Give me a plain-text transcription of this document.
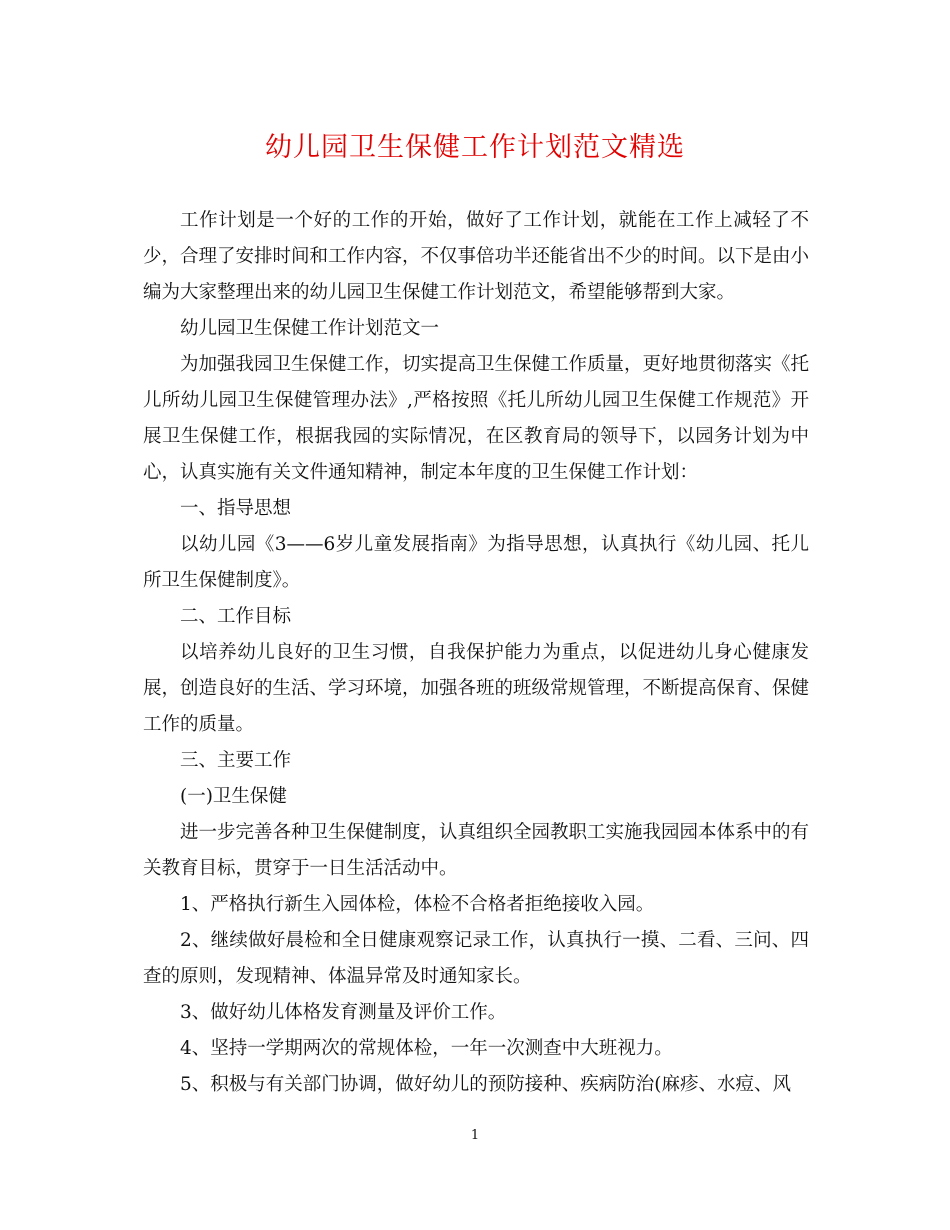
幼儿园卫生保健工作计划范文精选

工作计划是一个好的工作的开始，做好了工作计划，就能在工作上减轻了不少，合理了安排时间和工作内容，不仅事倍功半还能省出不少的时间。以下是由小编为大家整理出来的幼儿园卫生保健工作计划范文，希望能够帮到大家。

幼儿园卫生保健工作计划范文一

为加强我园卫生保健工作，切实提高卫生保健工作质量，更好地贯彻落实《托儿所幼儿园卫生保健管理办法》,严格按照《托儿所幼儿园卫生保健工作规范》开展卫生保健工作，根据我园的实际情况，在区教育局的领导下，以园务计划为中心，认真实施有关文件通知精神，制定本年度的卫生保健工作计划：

一、指导思想

以幼儿园《3——6岁儿童发展指南》为指导思想，认真执行《幼儿园、托儿所卫生保健制度》。

二、工作目标

以培养幼儿良好的卫生习惯，自我保护能力为重点，以促进幼儿身心健康发展，创造良好的生活、学习环境，加强各班的班级常规管理，不断提高保育、保健工作的质量。

三、主要工作

(一)卫生保健

进一步完善各种卫生保健制度，认真组织全园教职工实施我园园本体系中的有关教育目标，贯穿于一日生活活动中。

1、严格执行新生入园体检，体检不合格者拒绝接收入园。

2、继续做好晨检和全日健康观察记录工作，认真执行一摸、二看、三问、四查的原则，发现精神、体温异常及时通知家长。

3、做好幼儿体格发育测量及评价工作。

4、坚持一学期两次的常规体检，一年一次测查中大班视力。

5、积极与有关部门协调，做好幼儿的预防接种、疾病防治(麻疹、水痘、风

1
